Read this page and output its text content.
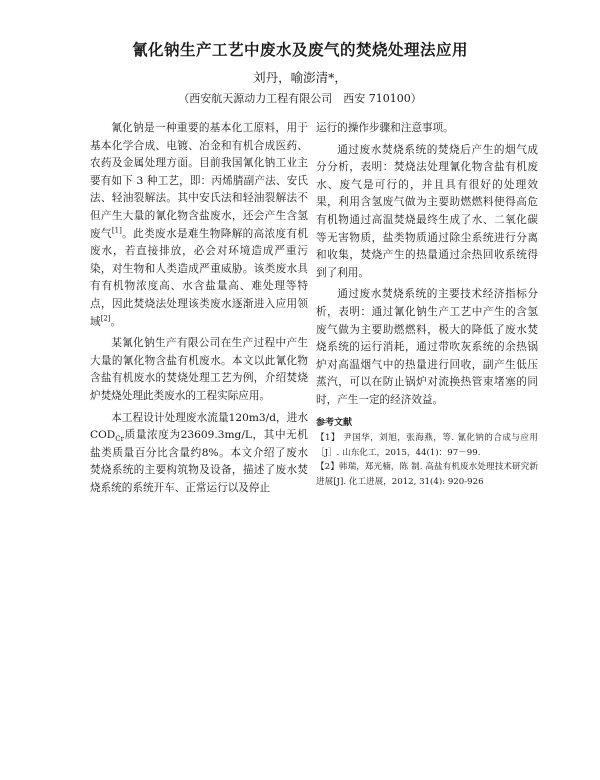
氰化钠生产工艺中废水及废气的焚烧处理法应用
刘丹，喻澎清*，
（西安航天源动力工程有限公司　西安 710100）

氰化钠是一种重要的基本化工原料，用于基本化学合成、电镀、冶金和有机合成医药、农药及金属处理方面。目前我国氰化钠工业主要有如下 3 种工艺，即：丙烯腈副产法、安氏法、轻油裂解法。其中安氏法和轻油裂解法不但产生大量的氰化物含盐废水，还会产生含氢废气[1]。此类废水是难生物降解的高浓度有机废水，若直接排放，必会对环境造成严重污染，对生物和人类造成严重威胁。该类废水具有有机物浓度高、水含盐量高、难处理等特点，因此焚烧法处理该类废水逐渐进入应用领域[2]。

某氰化钠生产有限公司在生产过程中产生大量的氰化物含盐有机废水。本文以此氰化物含盐有机废水的焚烧处理工艺为例，介绍焚烧炉焚烧处理此类废水的工程实际应用。

本工程设计处理废水流量120m3/d，进水$COD_{Cr}$质量浓度为23609.3mg/L，其中无机盐类质量百分比含量约8%。本文介绍了废水焚烧系统的主要构筑物及设备，描述了废水焚烧系统的系统开车、正常运行以及停止

运行的操作步骤和注意事项。

通过废水焚烧系统的焚烧后产生的烟气成分分析，表明：焚烧法处理氰化物含盐有机废水、废气是可行的，并且具有很好的处理效果，利用含氢废气做为主要助燃燃料使得高危有机物通过高温焚烧最终生成了水、二氧化碳等无害物质，盐类物质通过除尘系统进行分离和收集，焚烧产生的热量通过余热回收系统得到了利用。

通过废水焚烧系统的主要技术经济指标分析，表明：通过氰化钠生产工艺中产生的含氢废气做为主要助燃燃料，极大的降低了废水焚烧系统的运行消耗，通过带吹灰系统的余热锅炉对高温烟气中的热量进行回收，副产生低压蒸汽，可以在防止锅炉对流换热管束堵塞的同时，产生一定的经济效益。

参考文献

【1】 尹国华，刘旭，张海燕，等. 氰化钠的合成与应用［J］. 山东化工，2015，44(1)：97－99.

【2】韩瑞，郑光楠，陈 制. 高盐有机废水处理技术研究新进展[J]. 化工进展，2012, 31(4): 920-926
